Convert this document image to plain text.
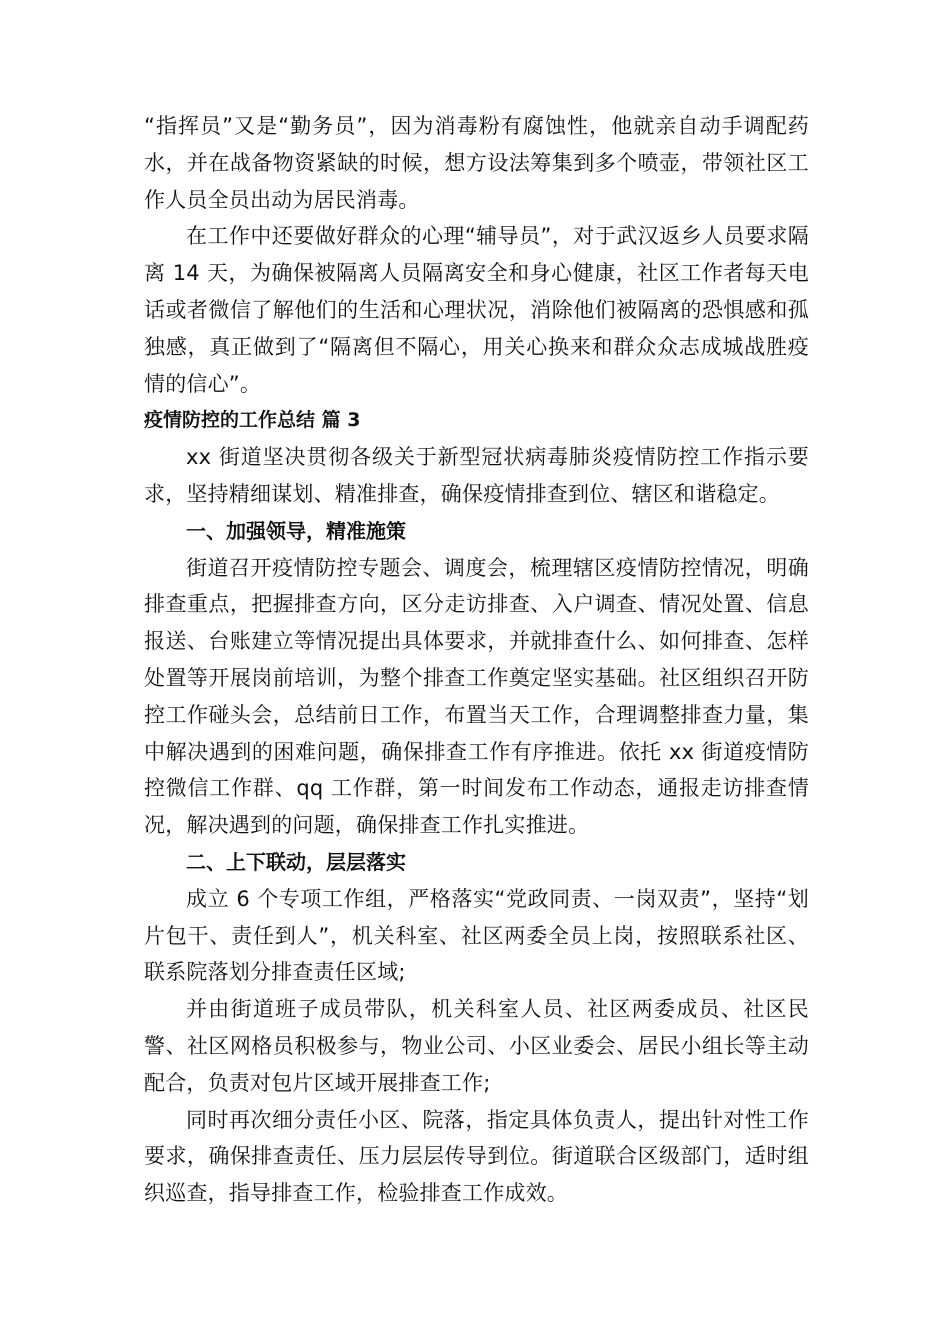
“指挥员”又是“勤务员”，因为消毒粉有腐蚀性，他就亲自动手调配药水，并在战备物资紧缺的时候，想方设法筹集到多个喷壶，带领社区工作人员全员出动为居民消毒。

在工作中还要做好群众的心理“辅导员”，对于武汉返乡人员要求隔离 14 天，为确保被隔离人员隔离安全和身心健康，社区工作者每天电话或者微信了解他们的生活和心理状况，消除他们被隔离的恐惧感和孤独感，真正做到了“隔离但不隔心，用关心换来和群众众志成城战胜疫情的信心”。

疫情防控的工作总结 篇 3

xx 街道坚决贯彻各级关于新型冠状病毒肺炎疫情防控工作指示要求，坚持精细谋划、精准排查，确保疫情排查到位、辖区和谐稳定。

一、加强领导，精准施策

街道召开疫情防控专题会、调度会，梳理辖区疫情防控情况，明确排查重点，把握排查方向，区分走访排查、入户调查、情况处置、信息报送、台账建立等情况提出具体要求，并就排查什么、如何排查、怎样处置等开展岗前培训，为整个排查工作奠定坚实基础。社区组织召开防控工作碰头会，总结前日工作，布置当天工作，合理调整排查力量，集中解决遇到的困难问题，确保排查工作有序推进。依托 xx 街道疫情防控微信工作群、qq 工作群，第一时间发布工作动态，通报走访排查情况，解决遇到的问题，确保排查工作扎实推进。

二、上下联动，层层落实

成立 6 个专项工作组，严格落实“党政同责、一岗双责”，坚持“划片包干、责任到人”，机关科室、社区两委全员上岗，按照联系社区、联系院落划分排查责任区域;

并由街道班子成员带队，机关科室人员、社区两委成员、社区民警、社区网格员积极参与，物业公司、小区业委会、居民小组长等主动配合，负责对包片区域开展排查工作;

同时再次细分责任小区、院落，指定具体负责人，提出针对性工作要求，确保排查责任、压力层层传导到位。街道联合区级部门，适时组织巡查，指导排查工作，检验排查工作成效。
